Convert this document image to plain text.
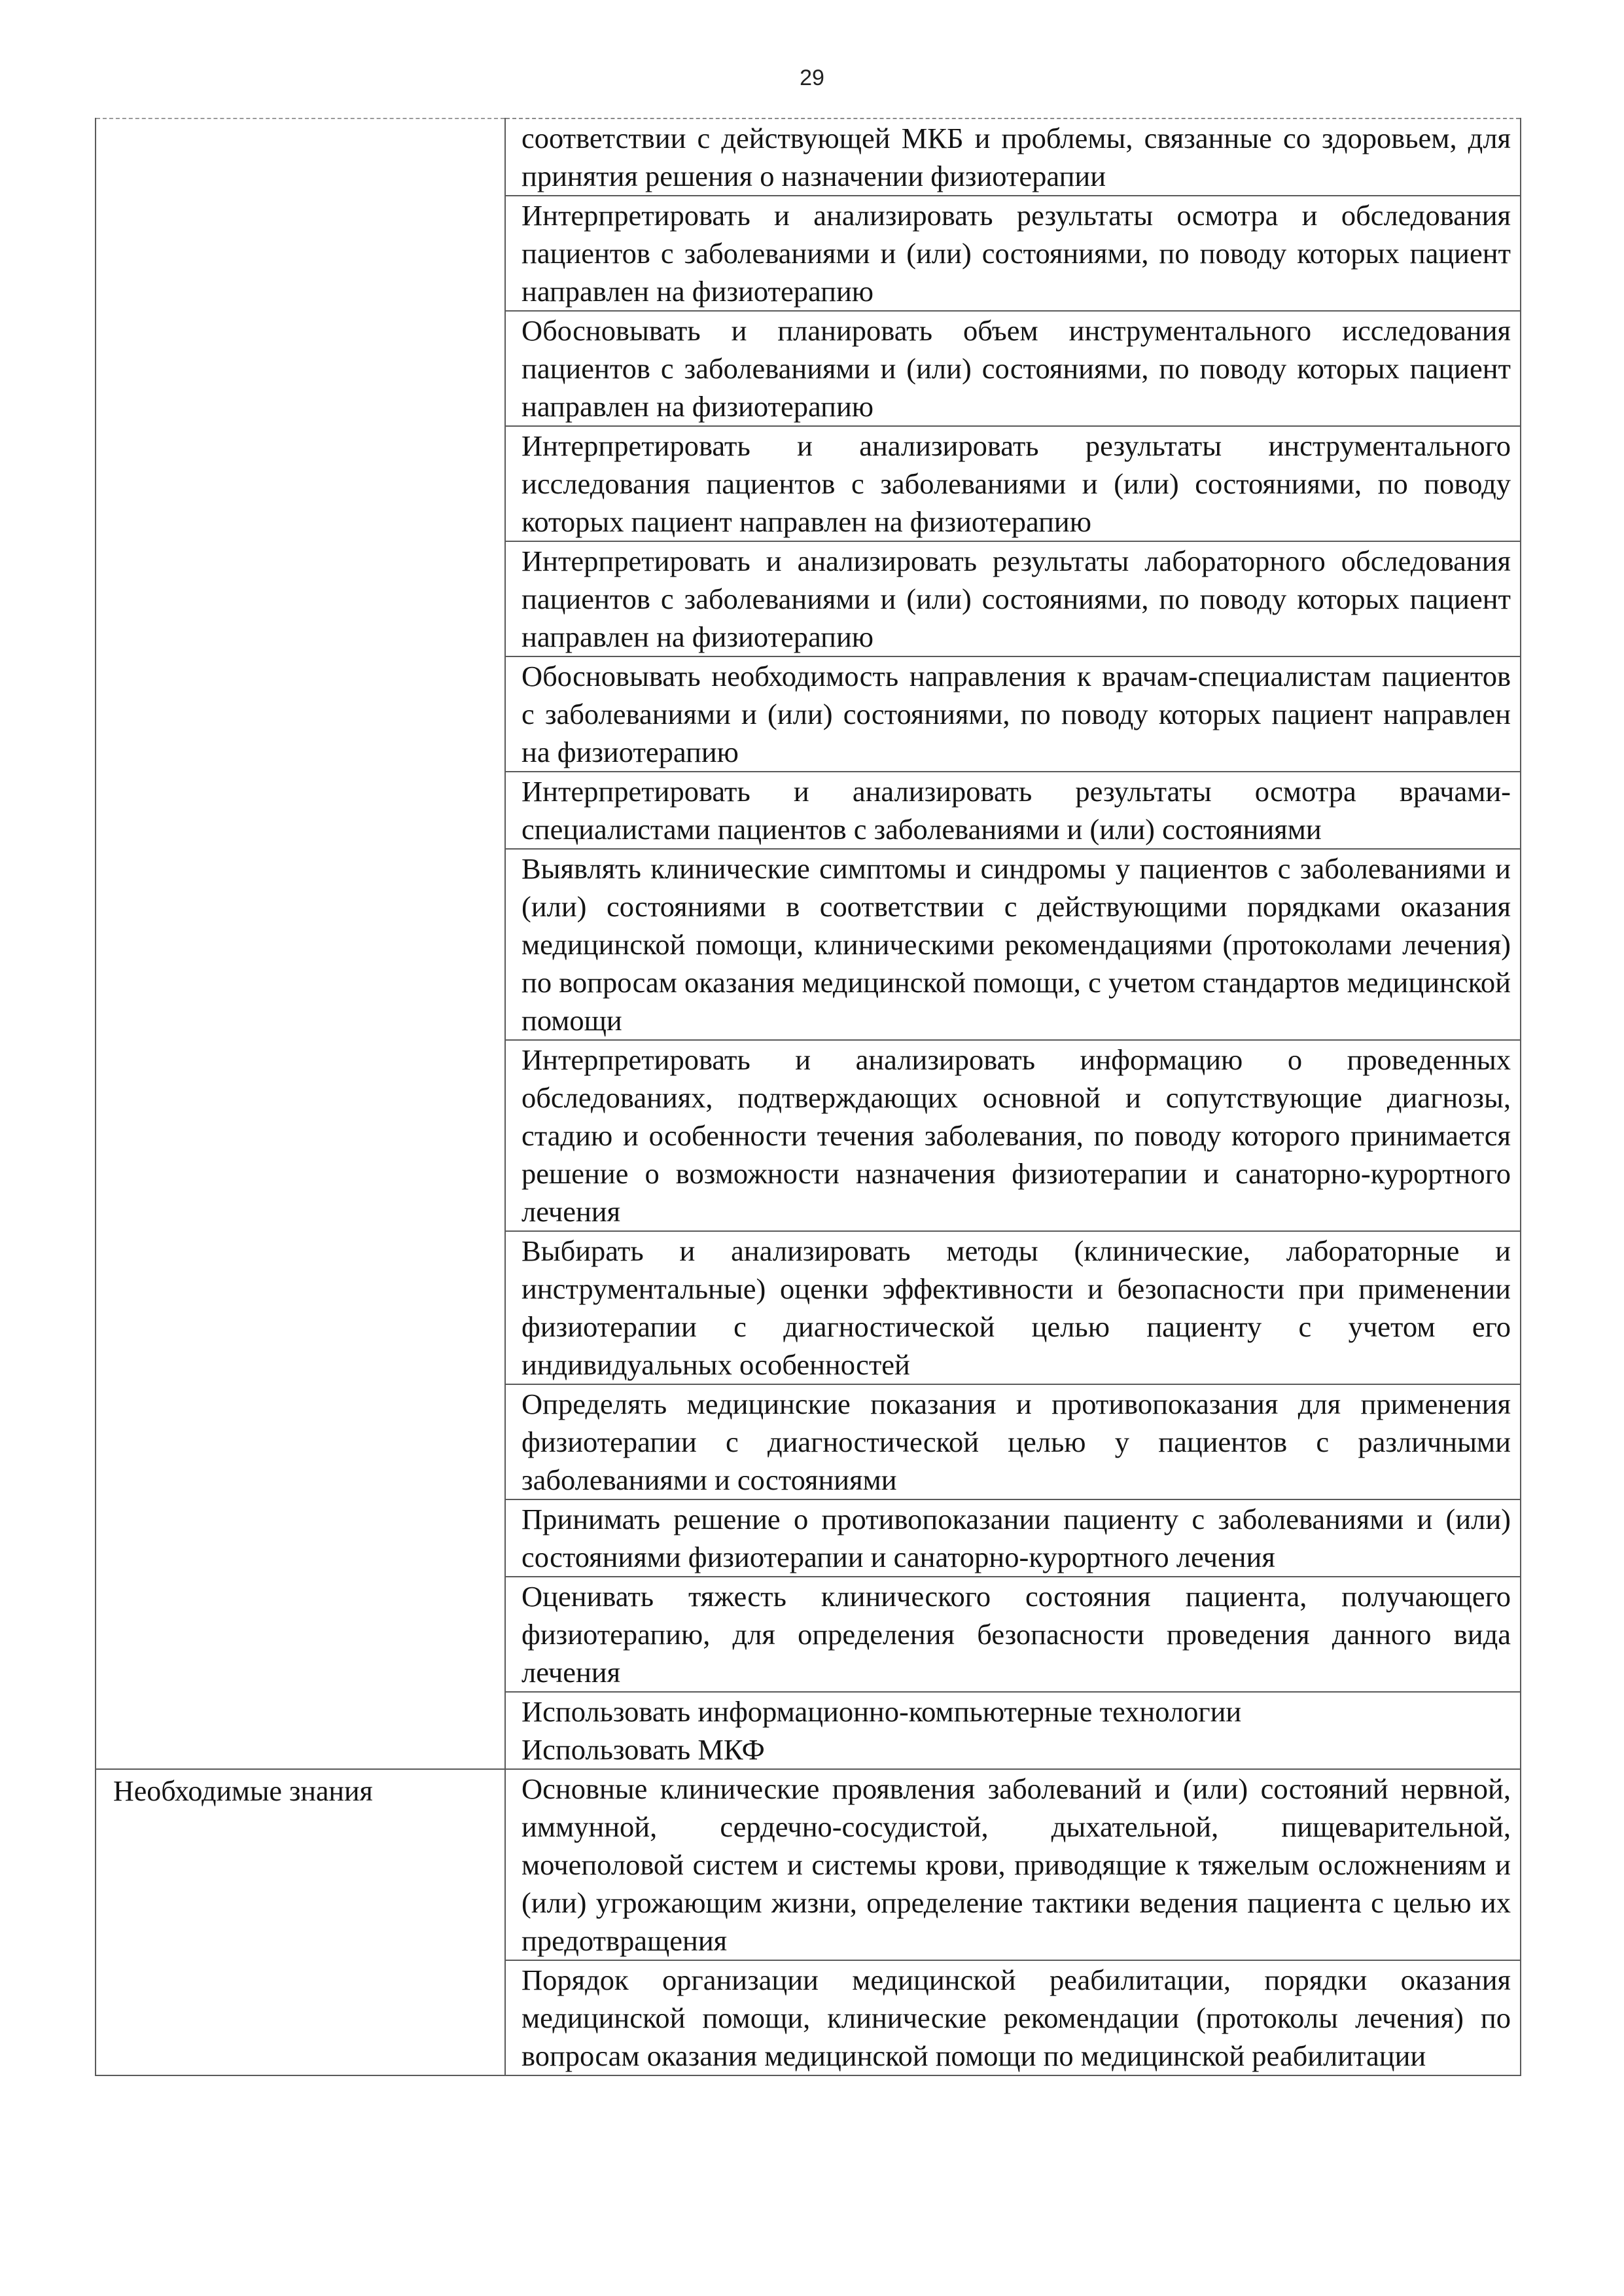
29
	соответствии с действующей МКБ и проблемы, связанные со здоровьем, для принятия решения о назначении физиотерапии
	Интерпретировать и анализировать результаты осмотра и обследования пациентов с заболеваниями и (или) состояниями, по поводу которых пациент направлен на физиотерапию
	Обосновывать и планировать объем инструментального исследования пациентов с заболеваниями и (или) состояниями, по поводу которых пациент направлен на физиотерапию
	Интерпретировать и анализировать результаты инструментального исследования пациентов с заболеваниями и (или) состояниями, по поводу которых пациент направлен на физиотерапию
	Интерпретировать и анализировать результаты лабораторного обследования пациентов с заболеваниями и (или) состояниями, по поводу которых пациент направлен на физиотерапию
	Обосновывать необходимость направления к врачам-специалистам пациентов с заболеваниями и (или) состояниями, по поводу которых пациент направлен на физиотерапию
	Интерпретировать и анализировать результаты осмотра врачами-специалистами пациентов с заболеваниями и (или) состояниями
	Выявлять клинические симптомы и синдромы у пациентов с заболеваниями и (или) состояниями в соответствии с действующими порядками оказания медицинской помощи, клиническими рекомендациями (протоколами лечения) по вопросам оказания медицинской помощи, с учетом стандартов медицинской помощи
	Интерпретировать и анализировать информацию о проведенных обследованиях, подтверждающих основной и сопутствующие диагнозы, стадию и особенности течения заболевания, по поводу которого принимается решение о возможности назначения физиотерапии и санаторно-курортного лечения
	Выбирать и анализировать методы (клинические, лабораторные и инструментальные) оценки эффективности и безопасности при применении физиотерапии с диагностической целью пациенту с учетом его индивидуальных особенностей
	Определять медицинские показания и противопоказания для применения физиотерапии с диагностической целью у пациентов с различными заболеваниями и состояниями
	Принимать решение о противопоказании пациенту с заболеваниями и (или) состояниями физиотерапии и санаторно-курортного лечения
	Оценивать тяжесть клинического состояния пациента, получающего физиотерапию, для определения безопасности проведения данного вида лечения

	Использовать информационно-компьютерные технологии
Использовать МКФ

Необходимые знания	Основные клинические проявления заболеваний и (или) состояний нервной, иммунной, сердечно-сосудистой, дыхательной, пищеварительной, мочеполовой систем и системы крови, приводящие к тяжелым осложнениям и (или) угрожающим жизни, определение тактики ведения пациента с целью их предотвращения
	Порядок организации медицинской реабилитации, порядки оказания медицинской помощи, клинические рекомендации (протоколы лечения) по вопросам оказания медицинской помощи по медицинской реабилитации
